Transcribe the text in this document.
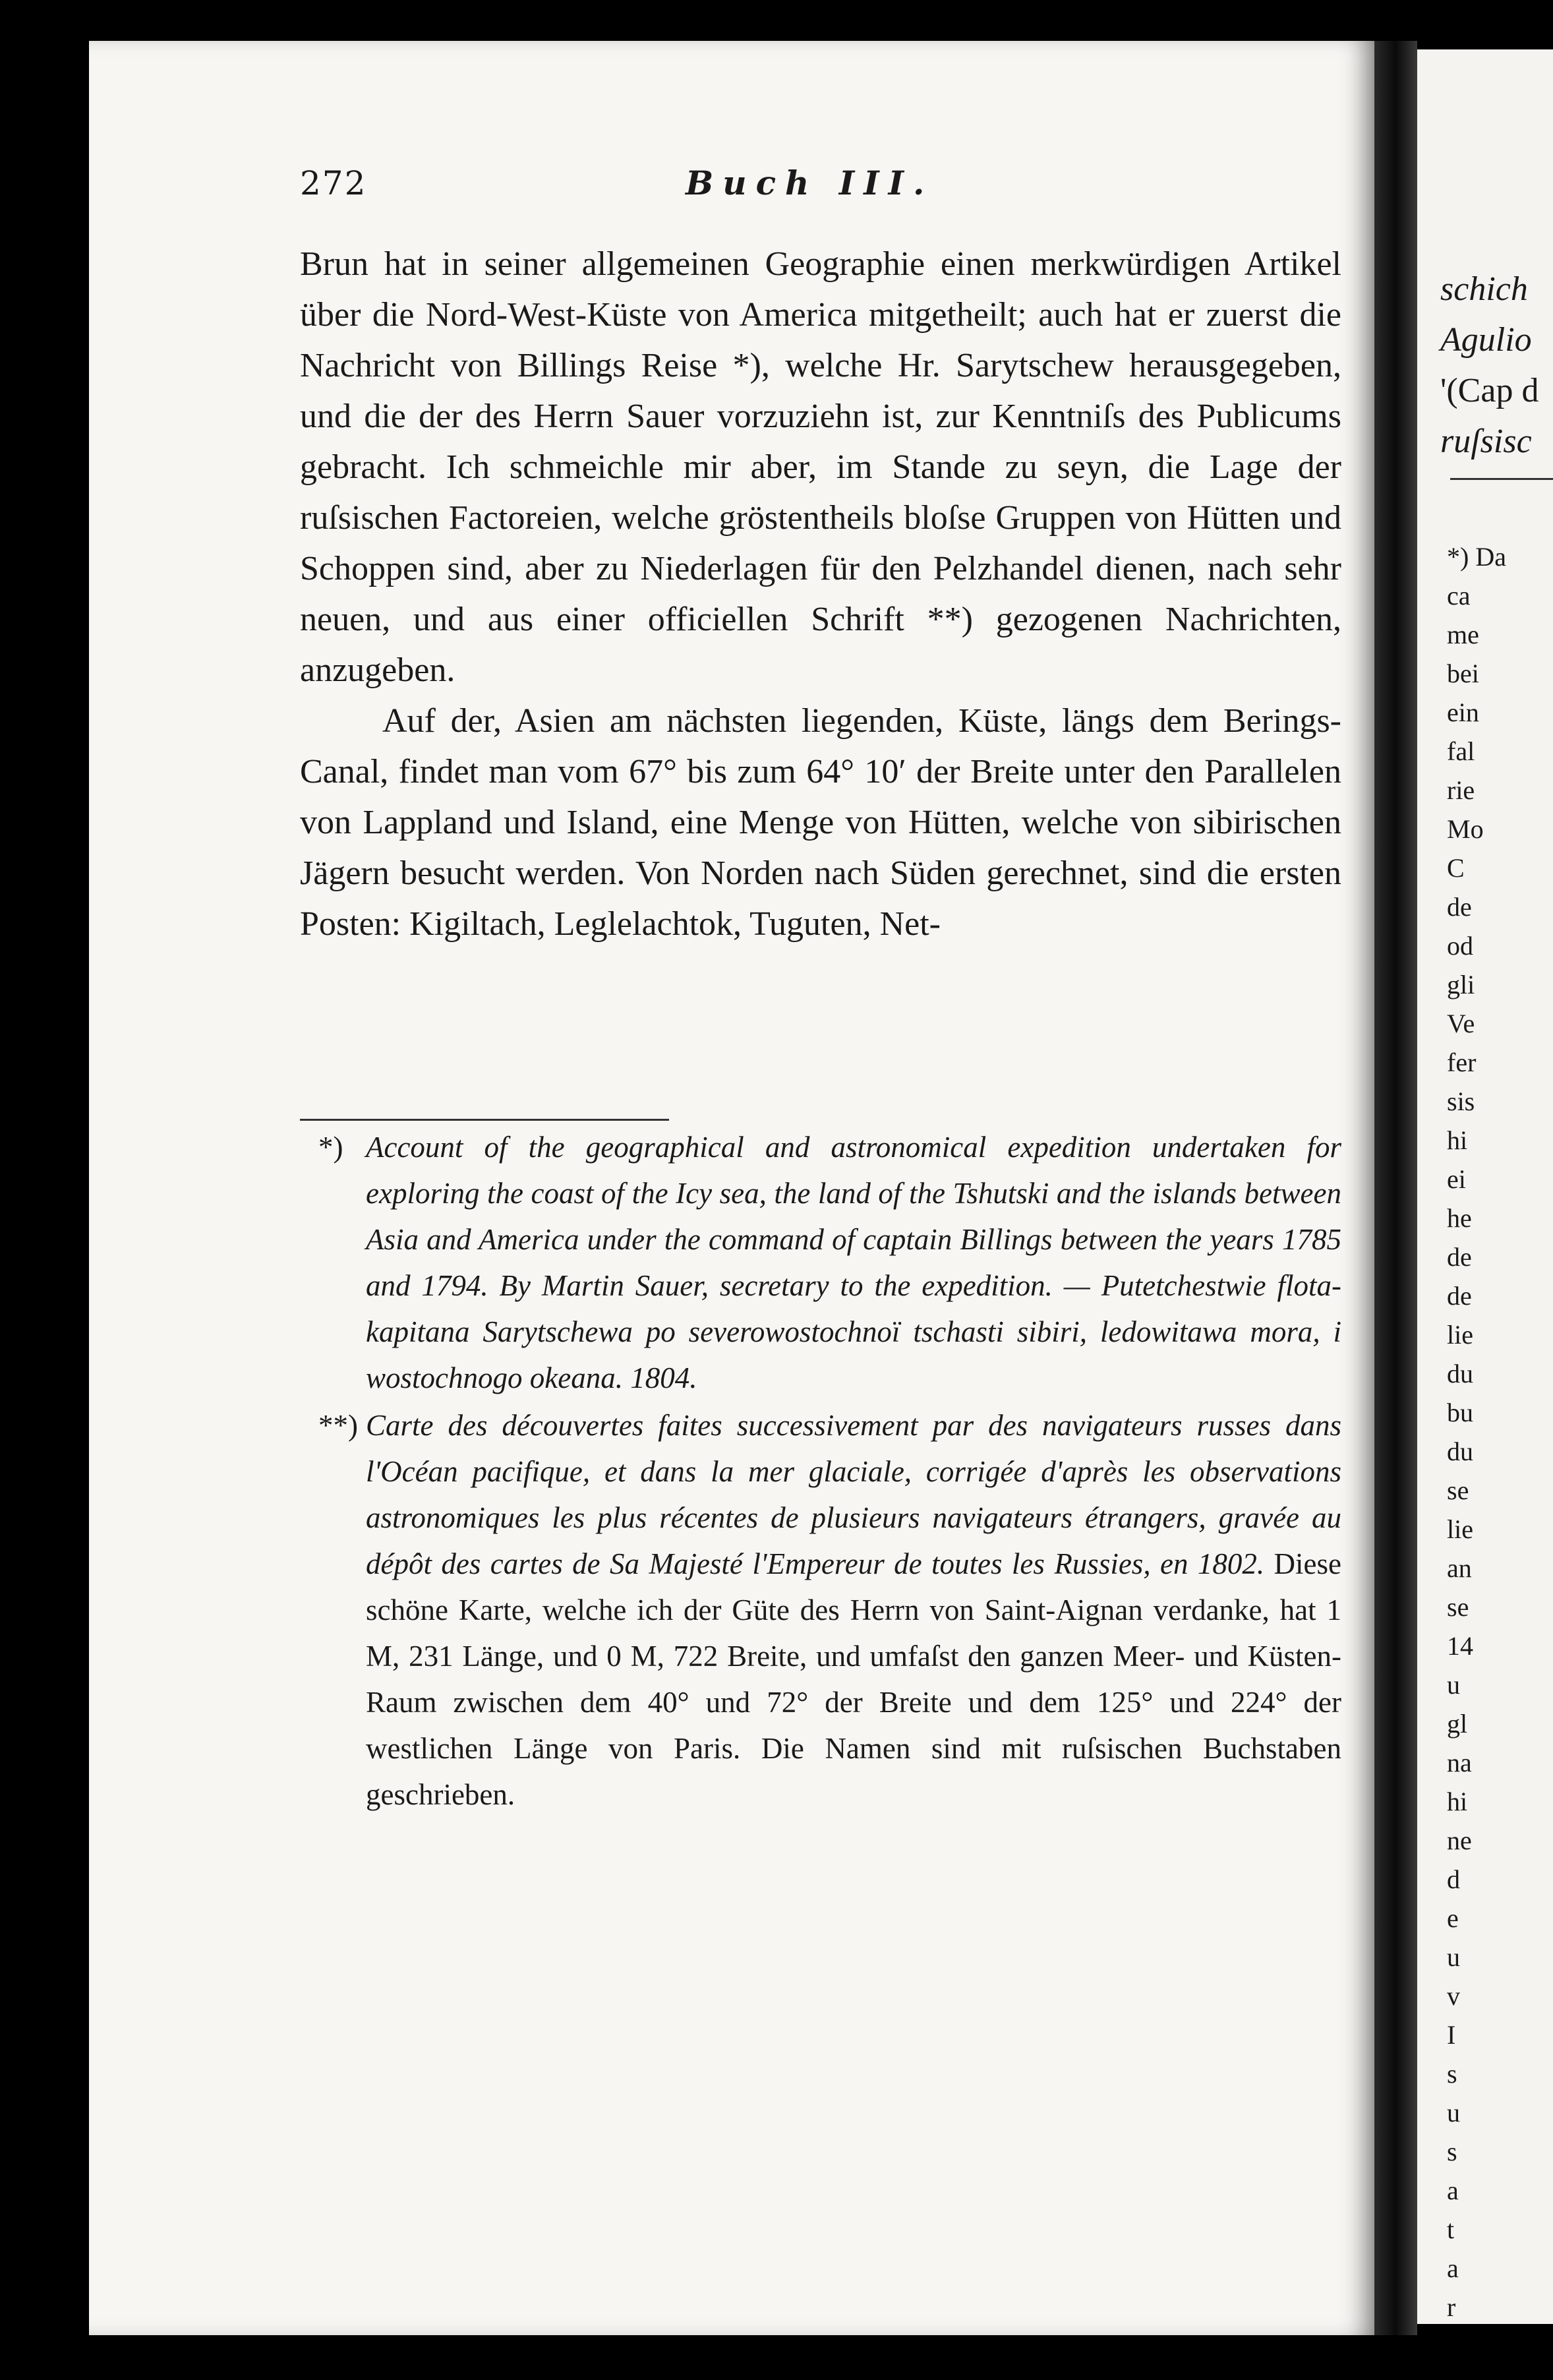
272	Buch III.

Brun hat in seiner allgemeinen Geographie einen merkwürdigen Artikel über die Nord-West-Küste von America mitgetheilt; auch hat er zuerst die Nachricht von Billings Reise *), welche Hr. Sarytschew herausgegeben, und die der des Herrn Sauer vorzuziehn ist, zur Kenntniſs des Publicums gebracht. Ich schmeichle mir aber, im Stande zu seyn, die Lage der ruſsischen Factoreien, welche gröstentheils bloſse Gruppen von Hütten und Schoppen sind, aber zu Niederlagen für den Pelzhandel dienen, nach sehr neuen, und aus einer officiellen Schrift **) gezogenen Nachrichten, anzugeben.

Auf der, Asien am nächsten liegenden, Küste, längs dem Berings-Canal, findet man vom 67° bis zum 64° 10′ der Breite unter den Parallelen von Lappland und Island, eine Menge von Hütten, welche von sibirischen Jägern besucht werden. Von Norden nach Süden gerechnet, sind die ersten Posten: Kigiltach, Leglelachtok, Tuguten, Net-

*) Account of the geographical and astronomical expedition undertaken for exploring the coast of the Icy sea, the land of the Tshutski and the islands between Asia and America under the command of captain Billings between the years 1785 and 1794. By Martin Sauer, secretary to the expedition. — Putetchestwie flota-kapitana Sarytschewa po severowostochnoï tschasti sibiri, ledowitawa mora, i wostochnogo okeana. 1804.

**) Carte des découvertes faites successivement par des navigateurs russes dans l'Océan pacifique, et dans la mer glaciale, corrigée d'après les observations astronomiques les plus récentes de plusieurs navigateurs étrangers, gravée au dépôt des cartes de Sa Majesté l'Empereur de toutes les Russies, en 1802. Diese schöne Karte, welche ich der Güte des Herrn von Saint-Aignan verdanke, hat 1 M, 231 Länge, und 0 M, 722 Breite, und umfaſst den ganzen Meer- und Küsten-Raum zwischen dem 40° und 72° der Breite und dem 125° und 224° der westlichen Länge von Paris. Die Namen sind mit ruſsischen Buchstaben geschrieben.

schich
Agulio
'(Cap d
ruſsisc
*) Da
ca
me
bei
ein
fal
rie
Mo
C
de
od
gli
Ve
fer
sis
hi
ei
he
de
de
lie
du
bu
du
se
lie
an
se
14
u
gl
na
hi
ne
d
e
u
v
I
s
u
s
a
t
a
r
